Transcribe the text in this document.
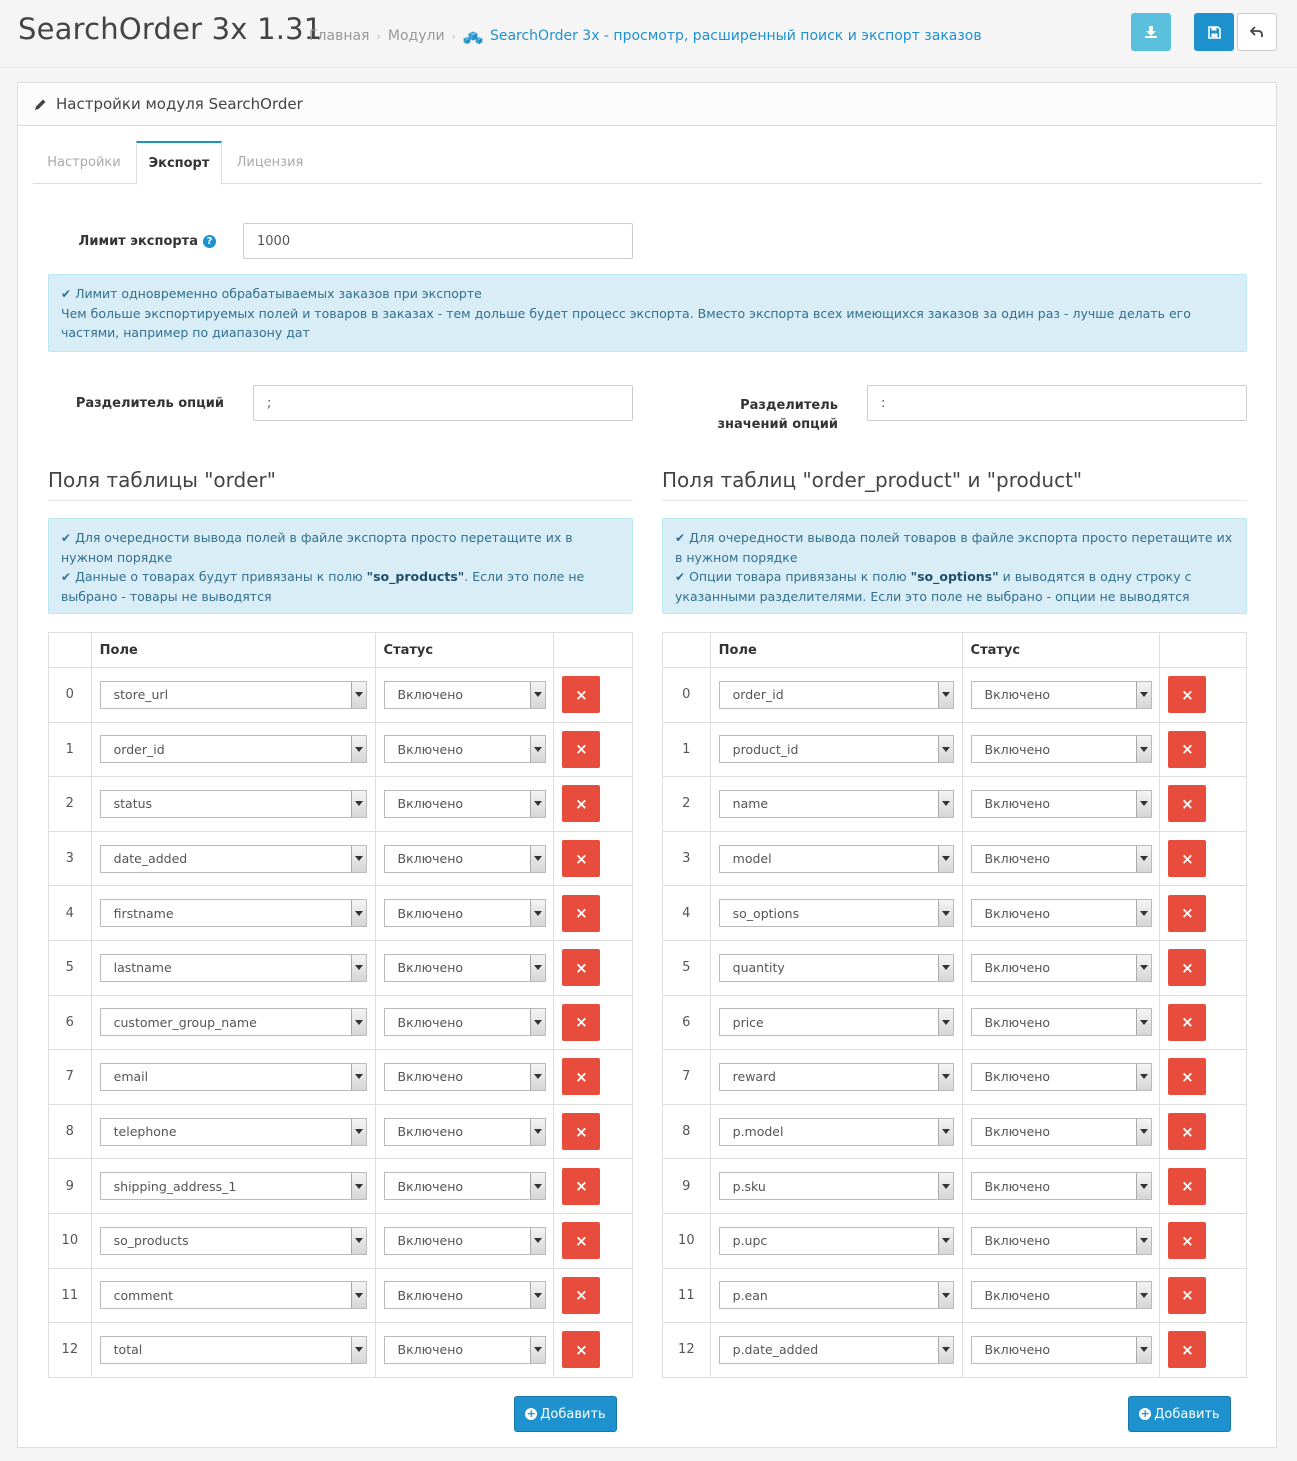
SearchOrder 3x 1.31
Главная › Модули › SearchOrder 3x - просмотр, расширенный поиск и экспорт заказов
Настройки модуля SearchOrder
Настройки	Экспорт	Лицензия
Лимит экспорта ?	1000
✔ Лимит одновременно обрабатываемых заказов при экспорте
Чем больше экспортируемых полей и товаров в заказах - тем дольше будет процесс экспорта. Вместо экспорта всех имеющихся заказов за один раз - лучше делать его частями, например по диапазону дат
Разделитель опций	;	Разделитель значений опций
:
Поля таблицы "order"
✔ Для очередности вывода полей в файле экспорта просто перетащите их в нужном порядке
✔ Данные о товарах будут привязаны к полю "so_products". Если это поле не выбрано - товары не выводятся
	Поле	Статус	
0	store_url	Включено	×

1	order_id	Включено	×

2	status	Включено	×

3	date_added	Включено	×

4	firstname	Включено	×

5	lastname	Включено	×

6	customer_group_name	Включено	×

7	email	Включено	×

8	telephone	Включено	×

9	shipping_address_1	Включено	×

10	so_products	Включено	×

11	comment	Включено	×

12	total	Включено	×
+ Добавить
Поля таблиц "order_product" и "product"
✔ Для очередности вывода полей товаров в файле экспорта просто перетащите их в нужном порядке
✔ Опции товара привязаны к полю "so_options" и выводятся в одну строку с указанными разделителями. Если это поле не выбрано - опции не выводятся
	Поле	Статус	
0	order_id	Включено	×

1	product_id	Включено	×

2	name	Включено	×

3	model	Включено	×

4	so_options	Включено	×

5	quantity	Включено	×

6	price	Включено	×

7	reward	Включено	×

8	p.model	Включено	×

9	p.sku	Включено	×

10	p.upc	Включено	×

11	p.ean	Включено	×

12	p.date_added	Включено	×
+ Добавить
